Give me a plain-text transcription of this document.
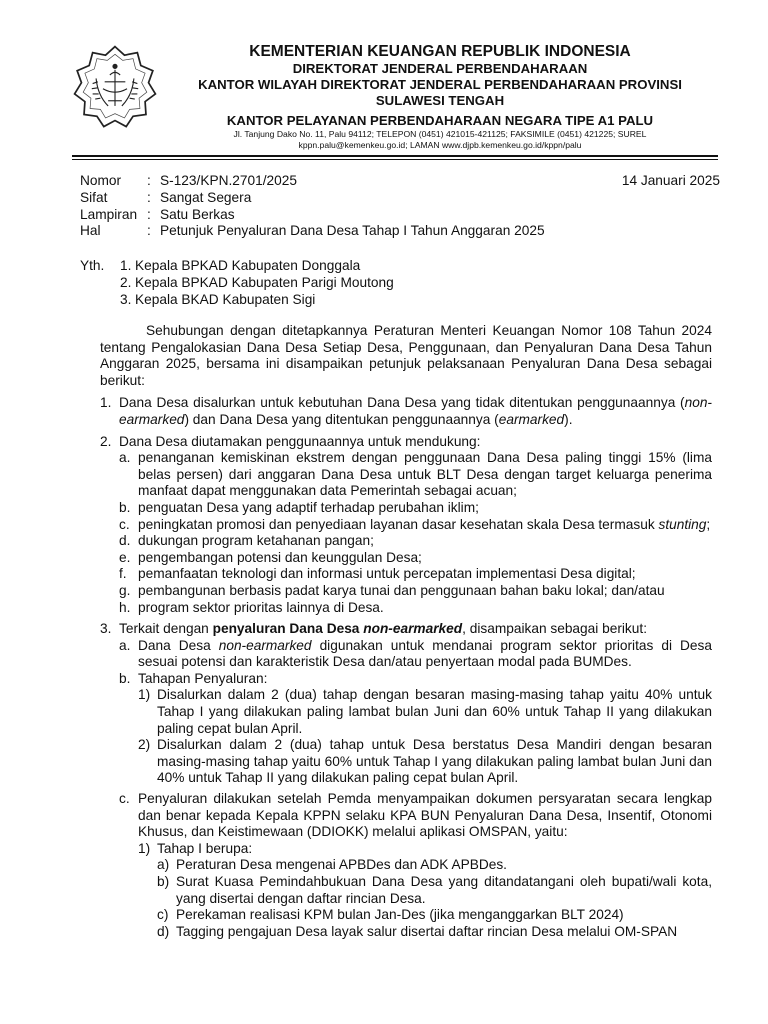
KEMENTERIAN KEUANGAN REPUBLIK INDONESIA
DIREKTORAT JENDERAL PERBENDAHARAAN
KANTOR WILAYAH DIREKTORAT JENDERAL PERBENDAHARAAN PROVINSI
SULAWESI TENGAH
KANTOR PELAYANAN PERBENDAHARAAN NEGARA TIPE A1 PALU
Jl. Tanjung Dako No. 11, Palu 94112; TELEPON (0451) 421015-421125; FAKSIMILE (0451) 421225; SUREL
kppn.palu@kemenkeu.go.id; LAMAN www.djpb.kemenkeu.go.id/kppn/palu
14 Januari 2025
Nomor	: S-123/KPN.2701/2025
Sifat	: Sangat Segera
Lampiran : Satu Berkas
Hal	: Petunjuk Penyaluran Dana Desa Tahap I Tahun Anggaran 2025
Yth.	1. Kepala BPKAD Kabupaten Donggala
2. Kepala BPKAD Kabupaten Parigi Moutong
3. Kepala BKAD Kabupaten Sigi

Sehubungan dengan ditetapkannya Peraturan Menteri Keuangan Nomor 108 Tahun 2024 tentang Pengalokasian Dana Desa Setiap Desa, Penggunaan, dan Penyaluran Dana Desa Tahun Anggaran 2025, bersama ini disampaikan petunjuk pelaksanaan Penyaluran Dana Desa sebagai berikut:

1. Dana Desa disalurkan untuk kebutuhan Dana Desa yang tidak ditentukan penggunaannya (non- earmarked) dan Dana Desa yang ditentukan penggunaannya (earmarked).
2. Dana Desa diutamakan penggunaannya untuk mendukung:
a. penanganan kemiskinan ekstrem dengan penggunaan Dana Desa paling tinggi 15% (lima belas persen) dari anggaran Dana Desa untuk BLT Desa dengan target keluarga penerima manfaat dapat menggunakan data Pemerintah sebagai acuan;
b. penguatan Desa yang adaptif terhadap perubahan iklim;
c. peningkatan promosi dan penyediaan layanan dasar kesehatan skala Desa termasuk stunting;
d. dukungan program ketahanan pangan;
e. pengembangan potensi dan keunggulan Desa;
f. pemanfaatan teknologi dan informasi untuk percepatan implementasi Desa digital;
g. pembangunan berbasis padat karya tunai dan penggunaan bahan baku lokal; dan/atau
h. program sektor prioritas lainnya di Desa.
3. Terkait dengan penyaluran Dana Desa non-earmarked, disampaikan sebagai berikut:
a. Dana Desa non-earmarked digunakan untuk mendanai program sektor prioritas di Desa sesuai potensi dan karakteristik Desa dan/atau penyertaan modal pada BUMDes.
b. Tahapan Penyaluran:
1) Disalurkan dalam 2 (dua) tahap dengan besaran masing-masing tahap yaitu 40% untuk Tahap I yang dilakukan paling lambat bulan Juni dan 60% untuk Tahap II yang dilakukan paling cepat bulan April.
2) Disalurkan dalam 2 (dua) tahap untuk Desa berstatus Desa Mandiri dengan besaran masing-masing tahap yaitu 60% untuk Tahap I yang dilakukan paling lambat bulan Juni dan 40% untuk Tahap II yang dilakukan paling cepat bulan April.
c. Penyaluran dilakukan setelah Pemda menyampaikan dokumen persyaratan secara lengkap dan benar kepada Kepala KPPN selaku KPA BUN Penyaluran Dana Desa, Insentif, Otonomi Khusus, dan Keistimewaan (DDIOKK) melalui aplikasi OMSPAN, yaitu:
1) Tahap I berupa:
a) Peraturan Desa mengenai APBDes dan ADK APBDes.
b) Surat Kuasa Pemindahbukuan Dana Desa yang ditandatangani oleh bupati/wali kota, yang disertai dengan daftar rincian Desa.
c) Perekaman realisasi KPM bulan Jan-Des (jika menganggarkan BLT 2024)
d) Tagging pengajuan Desa layak salur disertai daftar rincian Desa melalui OM-SPAN
